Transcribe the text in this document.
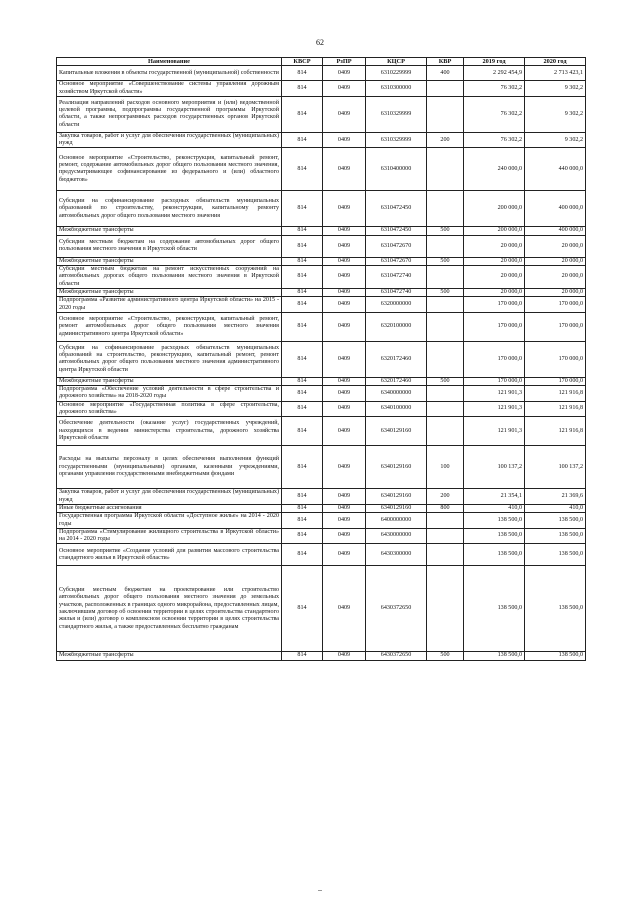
62
Наименование	КВСР	РзПР	КЦСР	КВР	2019 год	2020 год
Капитальные вложения в объекты государственной (муниципальной) собственности	814	0409	6310229999	400	2 292 454,9	2 713 423,1
Основное мероприятие «Совершенствование системы управления дорожным хозяйством Иркутской области»	814	0409	6310300000		76 302,2	9 302,2
Реализация направлений расходов основного мероприятия и (или) ведомственной целевой программы, подпрограммы государственной программы Иркутской области, а также непрограммных расходов государственных органов Иркутской области	814	0409	6310329999		76 302,2	9 302,2
Закупка товаров, работ и услуг для обеспечения государственных (муниципальных) нужд	814	0409	6310329999	200	76 302,2	9 302,2
Основное мероприятие «Строительство, реконструкция, капитальный ремонт, ремонт, содержание автомобильных дорог общего пользования местного значения, предусматривающее софинансирование из федерального и (или) областного бюджетов»	814	0409	6310400000		240 000,0	440 000,0
Субсидии на софинансирование расходных обязательств муниципальных образований по строительству, реконструкции, капитальному ремонту автомобильных дорог общего пользования местного значения	814	0409	6310472450		200 000,0	400 000,0
Межбюджетные трансферты	814	0409	6310472450	500	200 000,0	400 000,0
Субсидии местным бюджетам на содержание автомобильных дорог общего пользования местного значения в Иркутской области	814	0409	6310472670		20 000,0	20 000,0
Межбюджетные трансферты	814	0409	6310472670	500	20 000,0	20 000,0
Субсидии местным бюджетам на ремонт искусственных сооружений на автомобильных дорогах общего пользования местного значения в Иркутской области	814	0409	6310472740		20 000,0	20 000,0
Межбюджетные трансферты	814	0409	6310472740	500	20 000,0	20 000,0
Подпрограмма «Развитие административного центра Иркутской области» на 2015 - 2020 годы	814	0409	6320000000		170 000,0	170 000,0
Основное мероприятие «Строительство, реконструкция, капитальный ремонт, ремонт автомобильных дорог общего пользования местного значения административного центра Иркутской области»	814	0409	6320100000		170 000,0	170 000,0
Субсидии на софинансирование расходных обязательств муниципальных образований на строительство, реконструкцию, капитальный ремонт, ремонт автомобильных дорог общего пользования местного значения административного центра Иркутской области	814	0409	6320172460		170 000,0	170 000,0
Межбюджетные трансферты	814	0409	6320172460	500	170 000,0	170 000,0
Подпрограмма «Обеспечение условий деятельности в сфере строительства и дорожного хозяйства» на 2018-2020 годы	814	0409	6340000000		121 901,3	121 916,8
Основное мероприятие «Государственная политика в сфере строительства, дорожного хозяйства»	814	0409	6340100000		121 901,3	121 916,8
Обеспечение деятельности (оказание услуг) государственных учреждений, находящихся в ведении министерства строительства, дорожного хозяйства Иркутской области	814	0409	6340129160		121 901,3	121 916,8
Расходы на выплаты персоналу в целях обеспечения выполнения функций государственными (муниципальными) органами, казенными учреждениями, органами управления государственными внебюджетными фондами	814	0409	6340129160	100	100 137,2	100 137,2
Закупка товаров, работ и услуг для обеспечения государственных (муниципальных) нужд	814	0409	6340129160	200	21 354,1	21 369,6
Иные бюджетные ассигнования	814	0409	6340129160	800	410,0	410,0
Государственная программа Иркутской области «Доступное жилье» на 2014 - 2020 годы	814	0409	6400000000		138 500,0	138 500,0
Подпрограмма «Стимулирование жилищного строительства в Иркутской области» на 2014 - 2020 годы	814	0409	6430000000		138 500,0	138 500,0
Основное мероприятие «Создание условий для развития массового строительства стандартного жилья в Иркутской области»	814	0409	6430300000		138 500,0	138 500,0
Субсидии местным бюджетам на проектирование или строительство автомобильных дорог общего пользования местного значения до земельных участков, расположенных в границах одного микрорайона, предоставленных лицам, заключившим договор об освоении территории в целях строительства стандартного жилья и (или) договор о комплексном освоении территории в целях строительства стандартного жилья, а также предоставленных бесплатно гражданам	814	0409	6430372650		138 500,0	138 500,0
Межбюджетные трансферты	814	0409	6430372650	500	138 500,0	138 500,0
